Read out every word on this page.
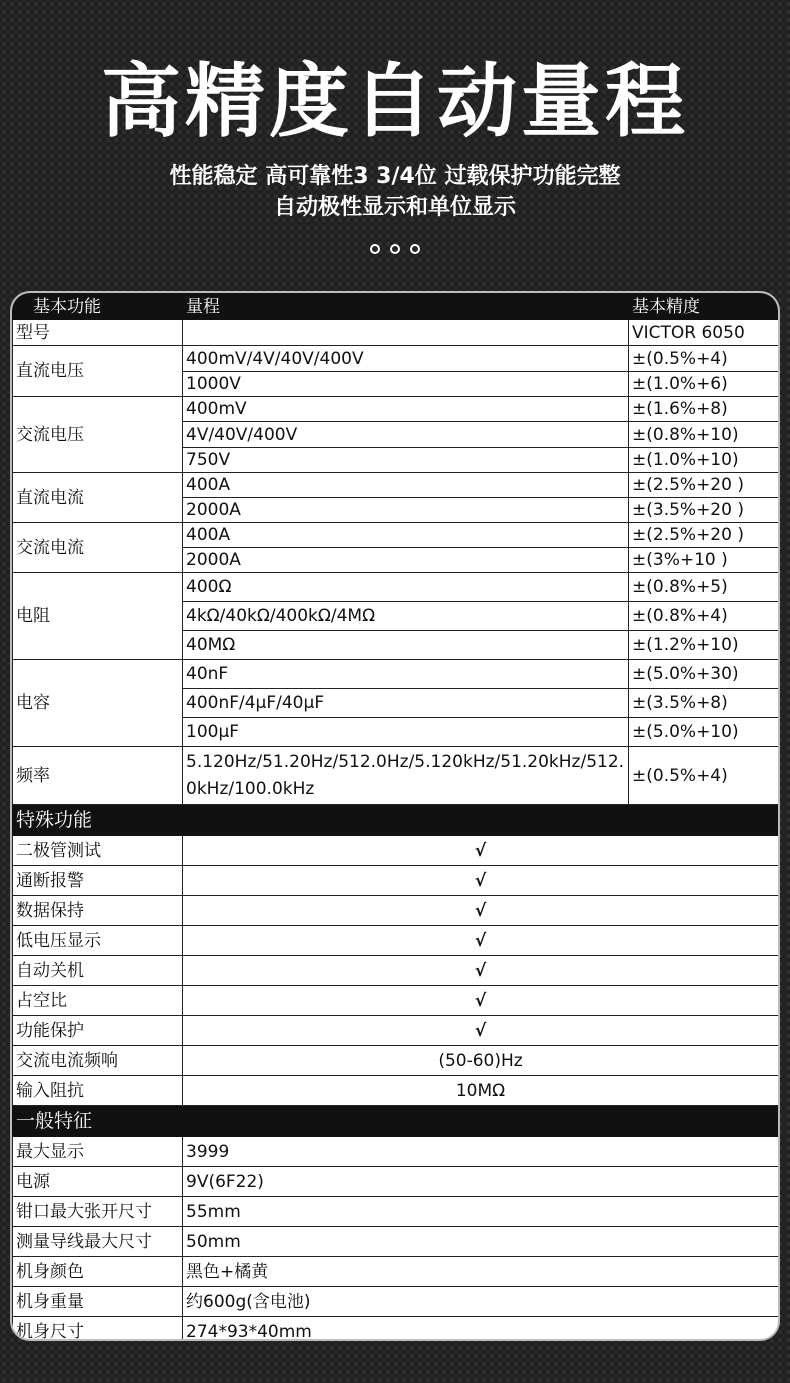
高精度自动量程
性能稳定 高可靠性3 3/4位 过载保护功能完整
自动极性显示和单位显示
基本功能	量程	基本精度
型号		VICTOR 6050
直流电压	400mV/4V/40V/400V	±(0.5%+4)
	1000V	±(1.0%+6)
交流电压	400mV	±(1.6%+8)
	4V/40V/400V	±(0.8%+10)
	750V	±(1.0%+10)
直流电流	400A	±(2.5%+20 )
	2000A	±(3.5%+20 )
交流电流	400A	±(2.5%+20 )
	2000A	±(3%+10 )
电阻	400Ω	±(0.8%+5)
	4kΩ/40kΩ/400kΩ/4MΩ	±(0.8%+4)
	40MΩ	±(1.2%+10)
电容	40nF	±(5.0%+30)
	400nF/4μF/40μF	±(3.5%+8)
	100μF	±(5.0%+10)
频率	5.120Hz/51.20Hz/512.0Hz/5.120kHz/51.20kHz/512.0kHz/100.0kHz	±(0.5%+4)
特殊功能		
二极管测试	√	
通断报警	√	
数据保持	√	
低电压显示	√	
自动关机	√	
占空比	√	
功能保护	√	
交流电流频响	(50-60)Hz	
输入阻抗	10MΩ	
一般特征		
最大显示	3999	
电源	9V(6F22)	
钳口最大张开尺寸	55mm	
测量导线最大尺寸	50mm	
机身颜色	黑色+橘黄	
机身重量	约600g(含电池)	
机身尺寸	274*93*40mm	
